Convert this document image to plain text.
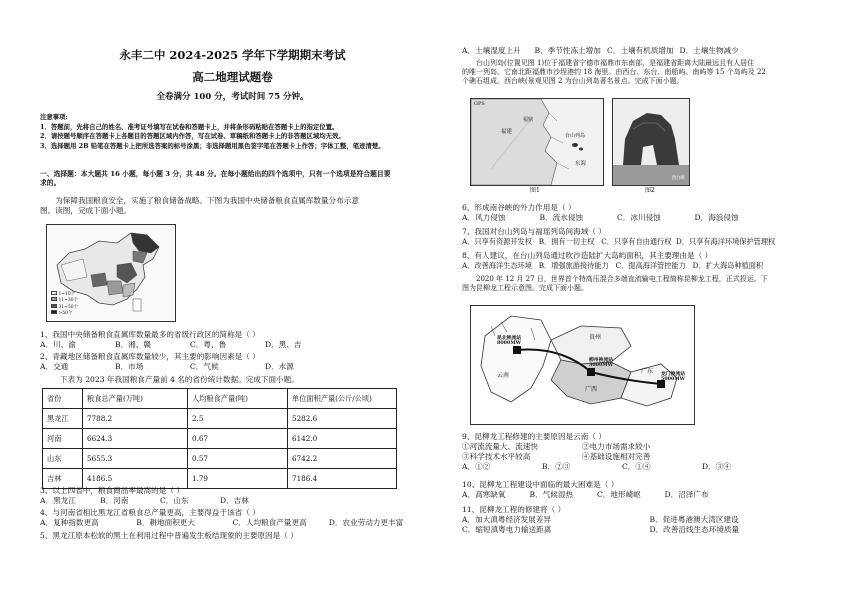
永丰二中 2024-2025 学年下学期期末考试
高二地理试题卷
全卷满分 100 分，考试时间 75 分钟。
注意事项:
1．答题前，先将自己的姓名、准考证号填写在试卷和答题卡上，并将条形码粘贴在答题卡上的指定位置。
2．请按题号顺序在答题卡上各题目的答题区域内作答，写在试卷、草稿纸和答题卡上的非答题区域均无效。
3．选择题用 2B 铅笔在答题卡上把所选答案的标号涂黑；非选择题用黑色签字笔在答题卡上作答；字体工整，笔迹清楚。
一、选择题：本大题共 16 小题，每小题 3 分，共 48 分。在每小题给出的四个选项中，只有一个选项是符合题目要
求的。
为保障我国粮食安全，实施了粮食储备战略。下图为我国中央储备粮食直属库数量分布示意
图。读图，完成下面小题。
1~10个
11~30个
31~50个
>50个
1、我国中央储备粮食直属库数量最多的省级行政区的简称是（ ）
A．川、渝	B．湘、赣	C．粤、鲁	D．黑、吉
2、青藏地区储备粮食直属库数量较少，其主要的影响因素是（ ）
A．交通	B．市场	C．气候	D．水源
下表为 2023 年我国粮食产量前 4 名的省份统计数据。完成下面小题。
省份	粮食总产量(万吨)	人均粮食产量(吨)	单位面积产量(公斤/公顷)
黑龙江	7788.2	2.5	5282.6
河南	6624.3	0.67	6142.0
山东	5655.3	0.57	6742.2
吉林	4186.5	1.79	7186.4
3、以上四省中，粮食商品率最高的是（ ）
A．黑龙江	B．河南	C．山东	D．吉林
4、与河南省相比黑龙江省粮食总产量更高，主要得益于该省（ ）
A．复种指数更高	B．耕地面积更大	C．人均粮食产量更高	D．农业劳动力更丰富
5、黑龙江原本松软的黑土在利用过程中普遍发生板结现象的主要原因是（ ）
A．土壤湿度上升	B．季节性冻土增加 C．土壤有机质增加 D．土壤生物减少
台山列岛(位置见图 1)位于福建省宁德市福鼎市东南部，是福建省距离大陆最远且有人居住
的唯一列岛。它南北距福鼎市沙埕港约 18 海里。由西台、东台、南船屿、南屿等 15 个岛屿及 22
个礁石组成。西台峡(景观见图 2 为台山列岛著名景点。完成下面小题。
GPS
福建
福鼎
台山列岛
东海
图1
西台峡
图2
6、形成南谷峡的外力作用是（ ）
A．风力侵蚀	B．流水侵蚀	C．冰川侵蚀	D．海浪侵蚀
7、我国对台山列岛与福瑶列岛间海域（ ）
A．只享有资源开发权 B．拥有一切主权 C．只享有自由通行权 D．只享有海洋环境保护管理权
8、有人建议，在台山列岛通过吹沙造陆扩大岛屿面积，其主要理由是（ ）
A．改善海洋生态环境 B．增强旅游接待能力 C．提高海洋管控能力 D．扩大海岛种植面积
2020 年 12 月 27 日，世界首个特高压混合多端直流输电工程简称昆柳龙工程，正式投运。下
图为昆柳龙工程示意图。完成下面小题。
昆北换流站
8000MW
柳州换流站
3000MW
龙门换流站
5000MW
云南
贵州
广西
广东
9、昆柳龙工程修建的主要原因是云南（ ）
①河流流量大、流速快	②电力市场需求较小
③科学技术水平较高	④基础设施相对完善
A．①②	B．②③	C．①④	D．③④
10、昆柳龙工程建设中面临的最大困难是（ ）
A．高寒缺氧	B．气候湿热	C．地形崎岖	D．沼泽广布
11、昆柳龙工程的修建将（ ）
A．加大滇粤经济发展差异	B．促进粤港澳大湾区建设
C．缩短滇粤电力输送距离	D．改善沿线生态环境质量
